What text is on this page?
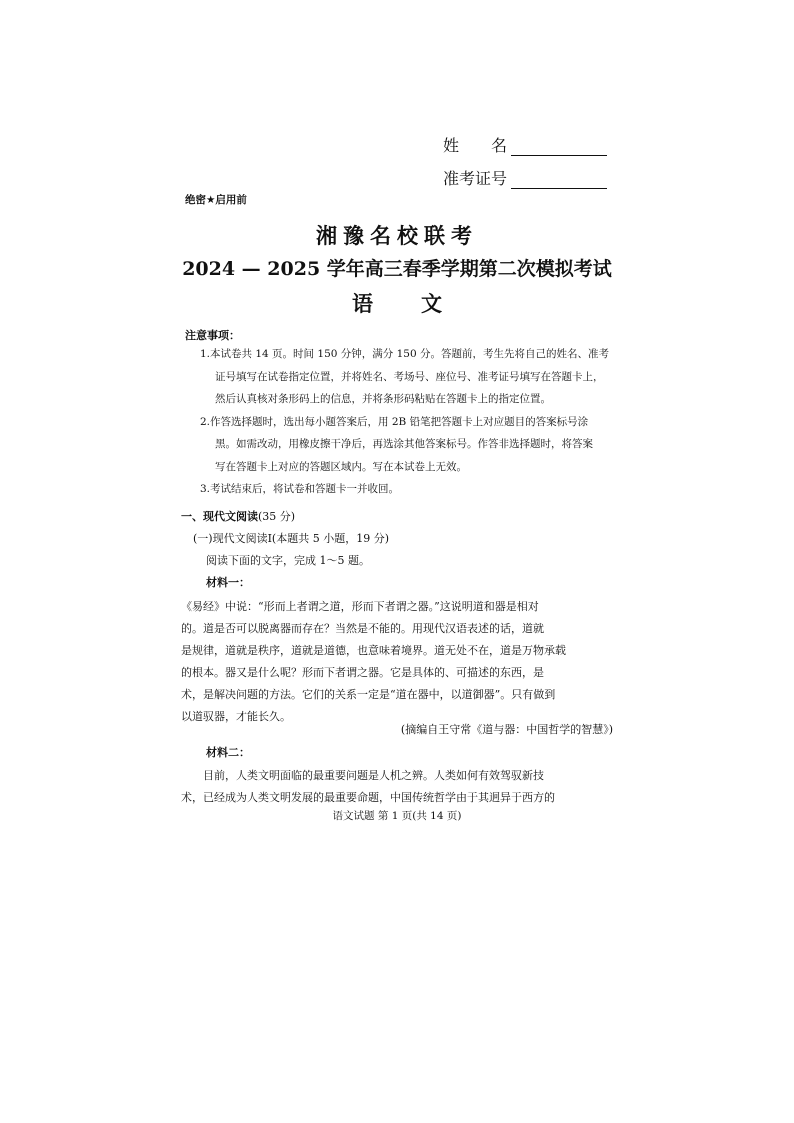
姓　　名
准考证号
绝密★启用前
湘豫名校联考
2024 — 2025 学年高三春季学期第二次模拟考试
语文
注意事项：
1.本试卷共 14 页。时间 150 分钟，满分 150 分。答题前，考生先将自己的姓名、准考
证号填写在试卷指定位置，并将姓名、考场号、座位号、准考证号填写在答题卡上，
然后认真核对条形码上的信息，并将条形码粘贴在答题卡上的指定位置。
2.作答选择题时，选出每小题答案后，用 2B 铅笔把答题卡上对应题目的答案标号涂
黑。如需改动，用橡皮擦干净后，再选涂其他答案标号。作答非选择题时，将答案
写在答题卡上对应的答题区域内。写在本试卷上无效。
3.考试结束后，将试卷和答题卡一并收回。
一、现代文阅读(35 分)
(一)现代文阅读Ⅰ(本题共 5 小题，19 分)
阅读下面的文字，完成 1～5 题。
材料一：
《易经》中说：“形而上者谓之道，形而下者谓之器。”这说明道和器是相对
的。道是否可以脱离器而存在？当然是不能的。用现代汉语表述的话，道就
是规律，道就是秩序，道就是道德，也意味着境界。道无处不在，道是万物承载
的根本。器又是什么呢？形而下者谓之器。它是具体的、可描述的东西，是
术，是解决问题的方法。它们的关系一定是“道在器中，以道御器”。只有做到
以道驭器，才能长久。
(摘编自王守常《道与器：中国哲学的智慧》)
材料二：
目前，人类文明面临的最重要问题是人机之辨。人类如何有效驾驭新技
术，已经成为人类文明发展的最重要命题，中国传统哲学由于其迥异于西方的
语文试题 第 1 页(共 14 页)
